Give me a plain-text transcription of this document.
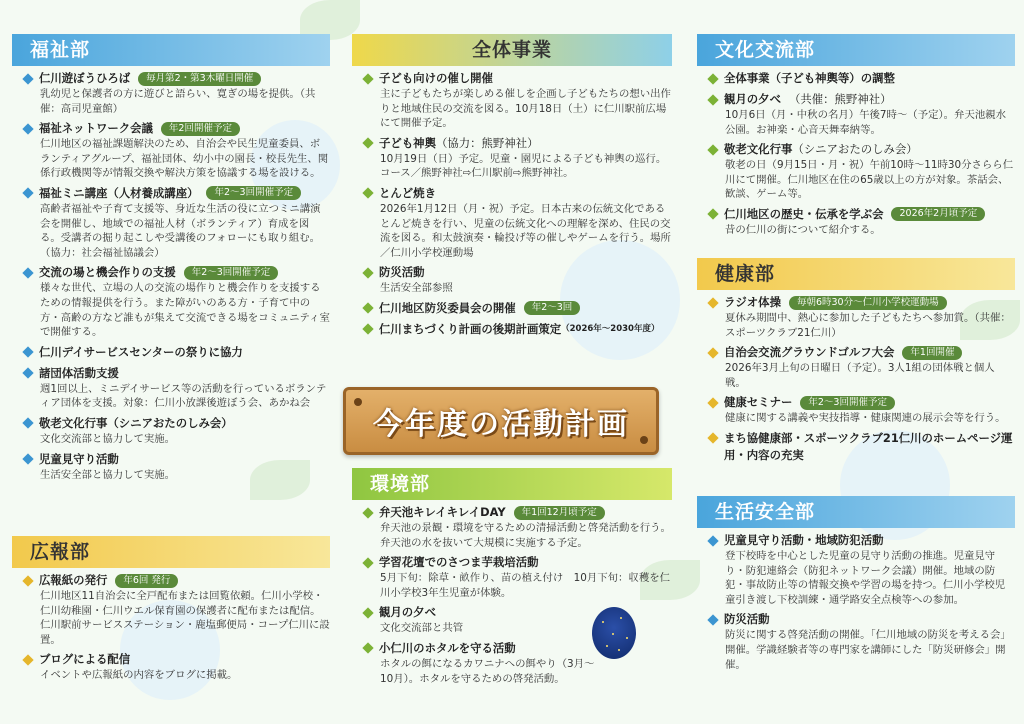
福祉部
仁川遊ぼうひろば	毎月第2・第3木曜日開催
乳幼児と保護者の方に遊びと語らい、寛ぎの場を提供。（共催：高司児童館）
福祉ネットワーク会議	年2回開催予定
仁川地区の福祉課題解決のため、自治会や民生児童委員、ボランティアグループ、福祉団体、幼小中の園長・校長先生、関係行政機関等が情報交換や解決方策を協議する場を設ける。
福祉ミニ講座（人材養成講座）	年2～3回開催予定
高齢者福祉や子育て支援等、身近な生活の役に立つミニ講演会を開催し、地域での福祉人材（ボランティア）育成を図る。受講者の掘り起こしや受講後のフォローにも取り組む。（協力：社会福祉協議会）
交流の場と機会作りの支援	年2～3回開催予定
様々な世代、立場の人の交流の場作りと機会作りを支援するための情報提供を行う。また障がいのある方・子育て中の方・高齢の方など誰もが集えて交流できる場をコミュニティ室で開催する。
仁川デイサービスセンターの祭りに協力
諸団体活動支援
週1回以上、ミニデイサービス等の活動を行っているボランティア団体を支援。対象：仁川小放課後遊ぼう会、あかね会
敬老文化行事（シニアおたのしみ会）
文化交流部と協力して実施。
児童見守り活動
生活安全部と協力して実施。
広報部
広報紙の発行	年6回 発行
仁川地区11自治会に全戸配布または回覧依頼。仁川小学校・仁川幼稚園・仁川ウエル保育園の保護者に配布または配信。仁川駅前サービスステーション・鹿塩郵便局・コープ仁川に設置。
ブログによる配信
イベントや広報紙の内容をブログに掲載。
全体事業
子ども向けの催し開催
主に子どもたちが楽しめる催しを企画し子どもたちの想い出作りと地域住民の交流を図る。10月18日（土）に仁川駅前広場にて開催予定。
子ども神輿 （協力：熊野神社）
10月19日（日）予定。児童・園児による子ども神輿の巡行。コース／熊野神社⇨仁川駅前⇨熊野神社。
とんど焼き
2026年1月12日（月・祝）予定。日本古来の伝統文化であるとんど焼きを行い、児童の伝統文化への理解を深め、住民の交流を図る。和太鼓演奏・輪投げ等の催しやゲームを行う。場所／仁川小学校運動場
防災活動
生活安全部参照
仁川地区防災委員会の開催	年2～3回
仁川まちづくり計画の後期計画策定 （2026年～2030年度）
今年度の活動計画
環境部
弁天池キレイキレイDAY	年1回12月頃予定
弁天池の景観・環境を守るための清掃活動と啓発活動を行う。弁天池の水を抜いて大規模に実施する予定。
学習花壇でのさつま芋栽培活動
5月下旬：除草・畝作り、苗の植え付け　10月下旬：収穫を仁川小学校3年生児童が体験。
観月の夕べ
文化交流部と共管
小仁川のホタルを守る活動
ホタルの餌になるカワニナへの餌やり（3月～10月）。ホタルを守るための啓発活動。
文化交流部
全体事業（子ども神輿等）の調整
観月の夕べ （共催：熊野神社）
10月6日（月・中秋の名月）午後7時～（予定）。弁天池親水公園。お神楽・心音天舞奉納等。
敬老文化行事 （シニアおたのしみ会）
敬老の日（9月15日・月・祝）午前10時～11時30分さらら仁川にて開催。仁川地区在住の65歳以上の方が対象。茶話会、歓談、ゲーム等。
仁川地区の歴史・伝承を学ぶ会	2026年2月頃予定
昔の仁川の街について紹介する。
健康部
ラジオ体操	毎朝6時30分～仁川小学校運動場
夏休み期間中、熱心に参加した子どもたちへ参加賞。（共催：スポーツクラブ21仁川）
自治会交流グラウンドゴルフ大会	年1回開催
2026年3月上旬の日曜日（予定）。3人1組の団体戦と個人戦。
健康セミナー	年2～3回開催予定
健康に関する講義や実技指導・健康関連の展示会等を行う。
まち協健康部・スポーツクラブ21仁川のホームページ運用・内容の充実
生活安全部
児童見守り活動・地域防犯活動
登下校時を中心とした児童の見守り活動の推進。児童見守り・防犯連絡会（防犯ネットワーク会議）開催。地域の防犯・事故防止等の情報交換や学習の場を持つ。仁川小学校児童引き渡し下校訓練・通学路安全点検等への参加。
防災活動
防災に関する啓発活動の開催。「仁川地域の防災を考える会」開催。学識経験者等の専門家を講師にした「防災研修会」開催。
